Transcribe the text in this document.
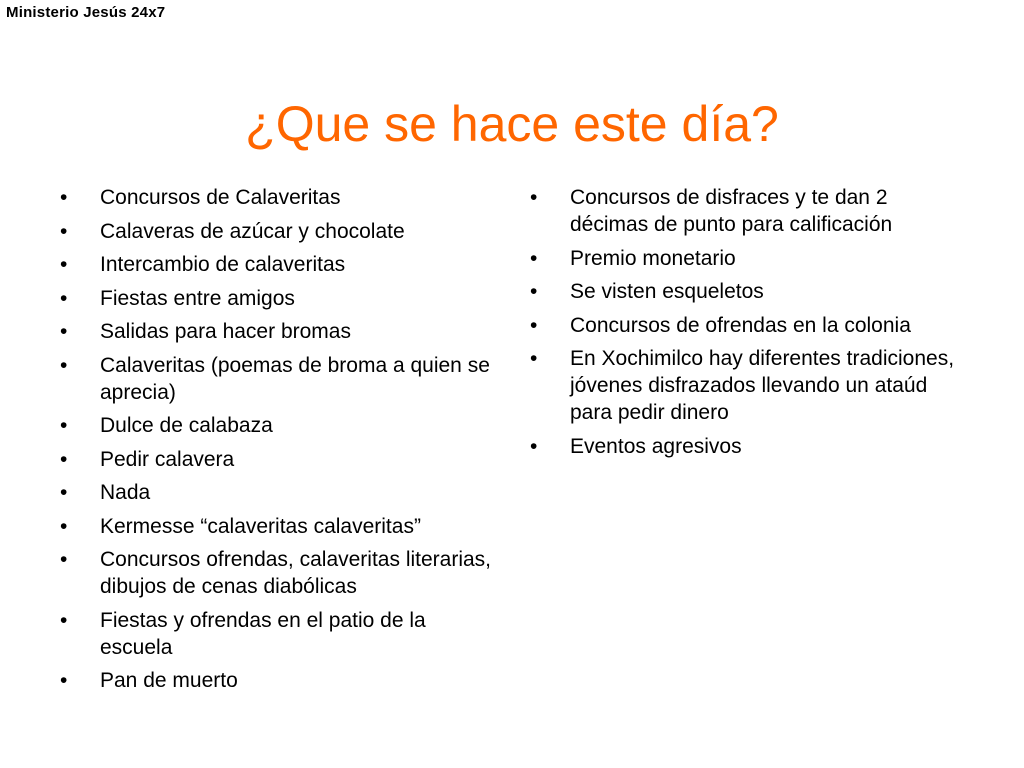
Ministerio Jesús 24x7
¿Que se hace este día?
• Concursos de Calaveritas
• Calaveras de azúcar y chocolate
• Intercambio de calaveritas
• Fiestas entre amigos
• Salidas para hacer bromas
• Calaveritas (poemas de broma a quien se aprecia)
• Dulce de calabaza
• Pedir calavera
• Nada
• Kermesse “calaveritas calaveritas”
• Concursos ofrendas, calaveritas literarias, dibujos de cenas diabólicas
• Fiestas y ofrendas en el patio de la escuela
• Pan de muerto
• Concursos de disfraces y te dan 2 décimas de punto para calificación
• Premio monetario
• Se visten esqueletos
• Concursos de ofrendas en la colonia
• En Xochimilco hay diferentes tradiciones, jóvenes disfrazados llevando un ataúd para pedir dinero
• Eventos agresivos
